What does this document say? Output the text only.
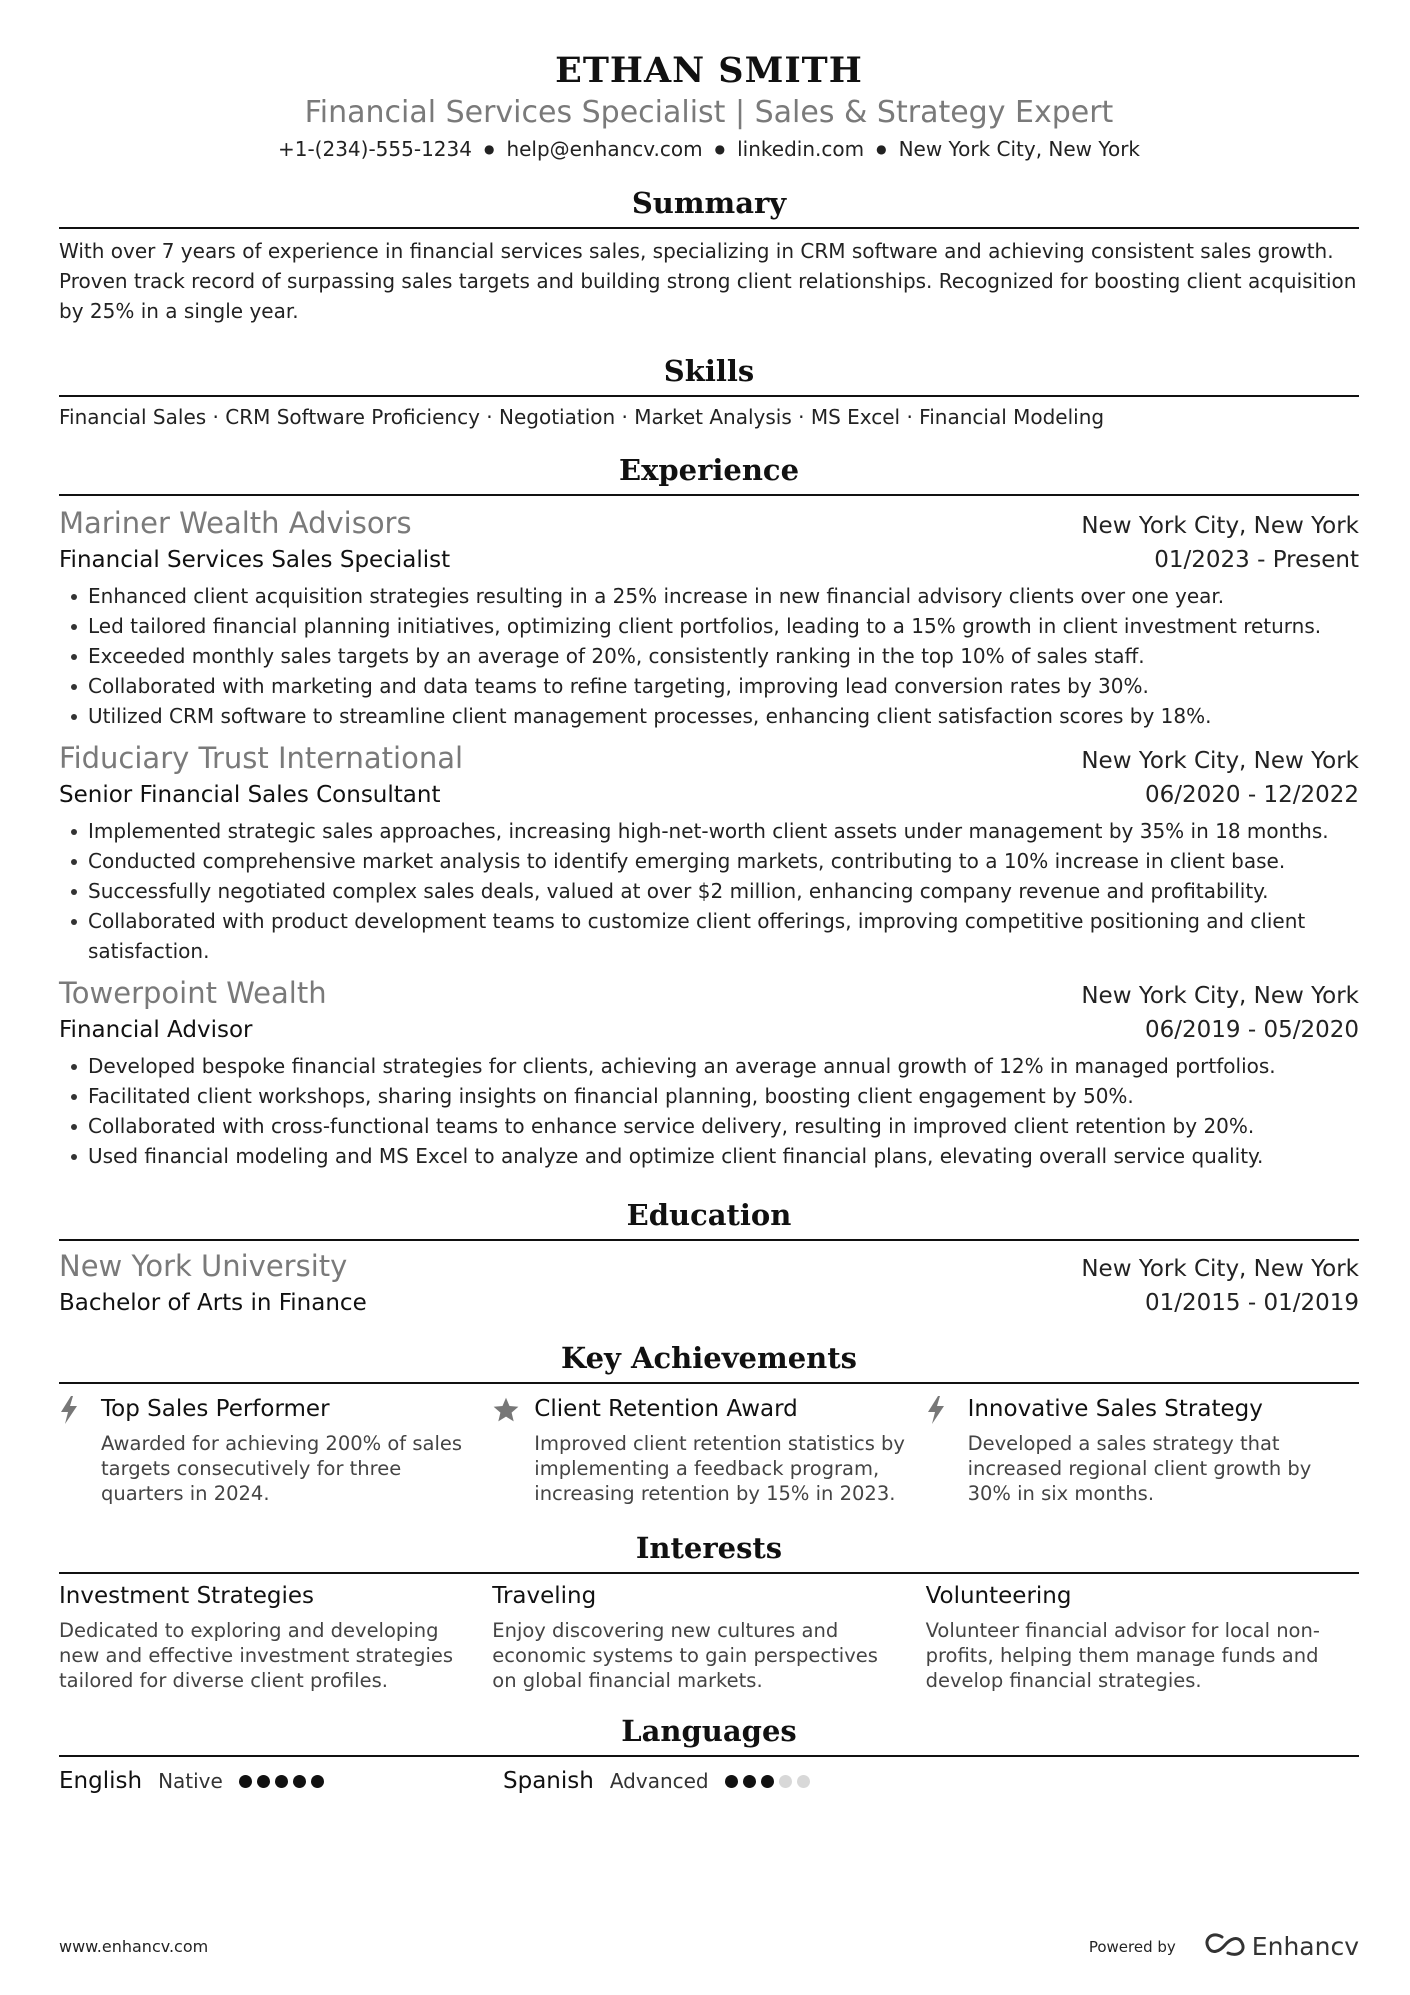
ETHAN SMITH
Financial Services Specialist | Sales & Strategy Expert
+1-(234)-555-1234 ● help@enhancv.com ● linkedin.com ● New York City, New York
Summary
With over 7 years of experience in financial services sales, specializing in CRM software and achieving consistent sales growth. Proven track record of surpassing sales targets and building strong client relationships. Recognized for boosting client acquisition by 25% in a single year.
Skills
Financial Sales · CRM Software Proficiency · Negotiation · Market Analysis · MS Excel · Financial Modeling
Experience
Mariner Wealth Advisors	New York City, New York
Financial Services Sales Specialist	01/2023 - Present
Enhanced client acquisition strategies resulting in a 25% increase in new financial advisory clients over one year.
Led tailored financial planning initiatives, optimizing client portfolios, leading to a 15% growth in client investment returns.
Exceeded monthly sales targets by an average of 20%, consistently ranking in the top 10% of sales staff.
Collaborated with marketing and data teams to refine targeting, improving lead conversion rates by 30%.
Utilized CRM software to streamline client management processes, enhancing client satisfaction scores by 18%.
Fiduciary Trust International	New York City, New York
Senior Financial Sales Consultant	06/2020 - 12/2022
Implemented strategic sales approaches, increasing high-net-worth client assets under management by 35% in 18 months.
Conducted comprehensive market analysis to identify emerging markets, contributing to a 10% increase in client base.
Successfully negotiated complex sales deals, valued at over $2 million, enhancing company revenue and profitability.
Collaborated with product development teams to customize client offerings, improving competitive positioning and client satisfaction.
Towerpoint Wealth	New York City, New York
Financial Advisor	06/2019 - 05/2020
Developed bespoke financial strategies for clients, achieving an average annual growth of 12% in managed portfolios.
Facilitated client workshops, sharing insights on financial planning, boosting client engagement by 50%.
Collaborated with cross-functional teams to enhance service delivery, resulting in improved client retention by 20%.
Used financial modeling and MS Excel to analyze and optimize client financial plans, elevating overall service quality.
Education
New York University	New York City, New York
Bachelor of Arts in Finance	01/2015 - 01/2019
Key Achievements
Top Sales Performer
Awarded for achieving 200% of sales targets consecutively for three quarters in 2024.
Client Retention Award
Improved client retention statistics by implementing a feedback program, increasing retention by 15% in 2023.
Innovative Sales Strategy
Developed a sales strategy that increased regional client growth by 30% in six months.
Interests
Investment Strategies
Dedicated to exploring and developing new and effective investment strategies tailored for diverse client profiles.
Traveling
Enjoy discovering new cultures and economic systems to gain perspectives on global financial markets.
Volunteering
Volunteer financial advisor for local non-profits, helping them manage funds and develop financial strategies.
Languages
English Native	Spanish Advanced
www.enhancv.com	Powered by	Enhancv
